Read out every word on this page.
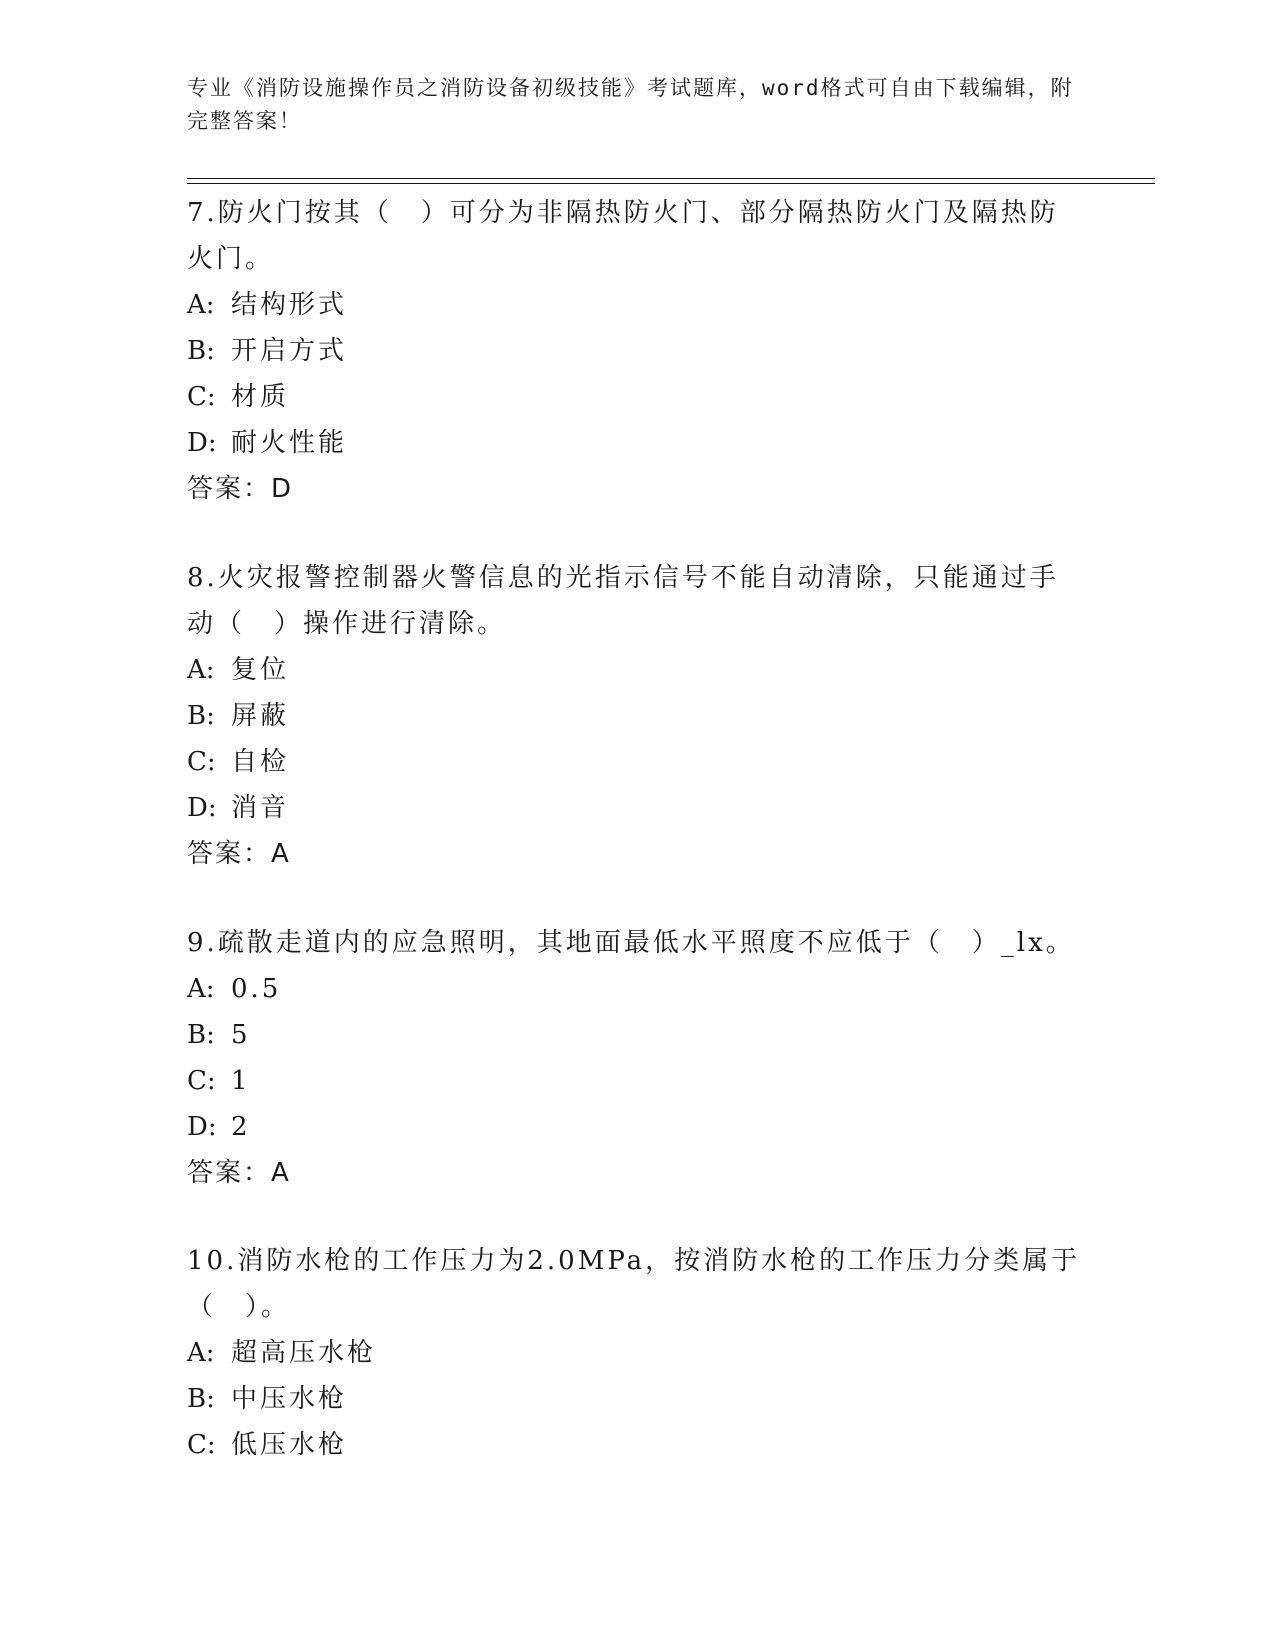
专业《消防设施操作员之消防设备初级技能》考试题库，word格式可自由下载编辑，附完整答案！

7.防火门按其（　）可分为非隔热防火门、部分隔热防火门及隔热防火门。

A: 结构形式
B: 开启方式
C: 材质
D: 耐火性能
答案：D

8.火灾报警控制器火警信息的光指示信号不能自动清除，只能通过手动（　）操作进行清除。

A: 复位
B: 屏蔽
C: 自检
D: 消音
答案：A

9.疏散走道内的应急照明，其地面最低水平照度不应低于（　）_lx。

A: 0.5
B: 5
C: 1
D: 2
答案：A

10.消防水枪的工作压力为2.0MPa，按消防水枪的工作压力分类属于（　）。

A: 超高压水枪
B: 中压水枪
C: 低压水枪
